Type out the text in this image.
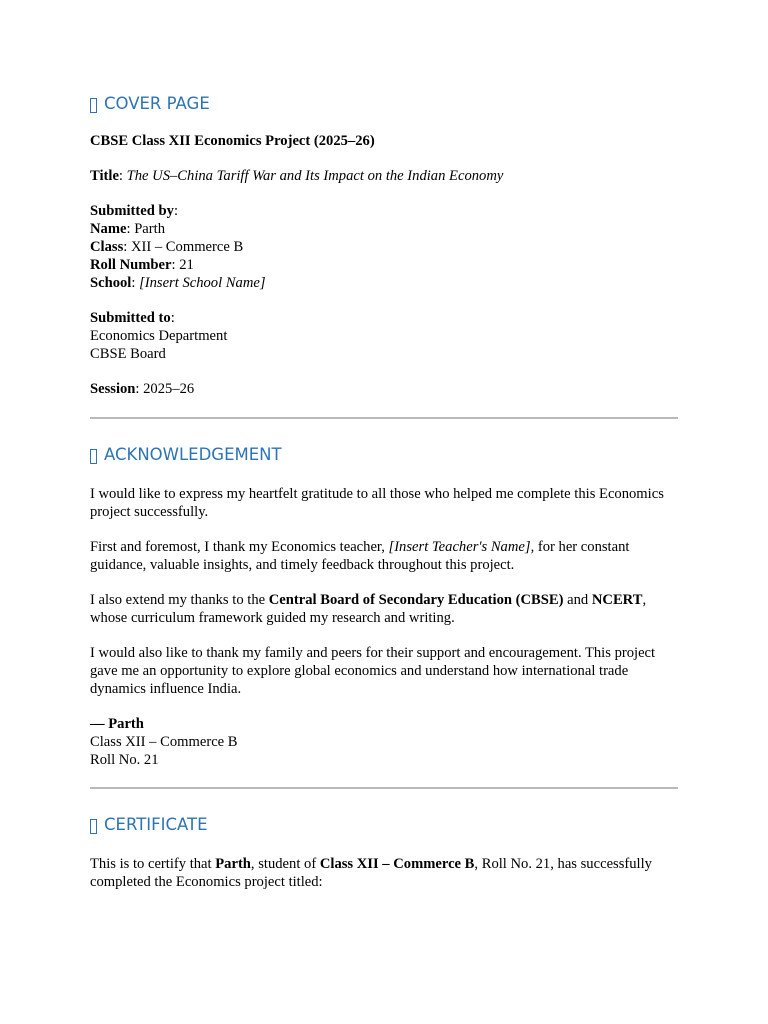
COVER PAGE

CBSE Class XII Economics Project (2025–26)

Title: The US–China Tariff War and Its Impact on the Indian Economy

Submitted by:

Name: Parth

Class: XII – Commerce B

Roll Number: 21

School: [Insert School Name]

Submitted to:

Economics Department

CBSE Board

Session: 2025–26

ACKNOWLEDGEMENT

I would like to express my heartfelt gratitude to all those who helped me complete this Economics project successfully.

First and foremost, I thank my Economics teacher, [Insert Teacher's Name], for her constant guidance, valuable insights, and timely feedback throughout this project.

I also extend my thanks to the Central Board of Secondary Education (CBSE) and NCERT, whose curriculum framework guided my research and writing.

I would also like to thank my family and peers for their support and encouragement. This project gave me an opportunity to explore global economics and understand how international trade dynamics influence India.

— Parth

Class XII – Commerce B

Roll No. 21

CERTIFICATE

This is to certify that Parth, student of Class XII – Commerce B, Roll No. 21, has successfully completed the Economics project titled:
